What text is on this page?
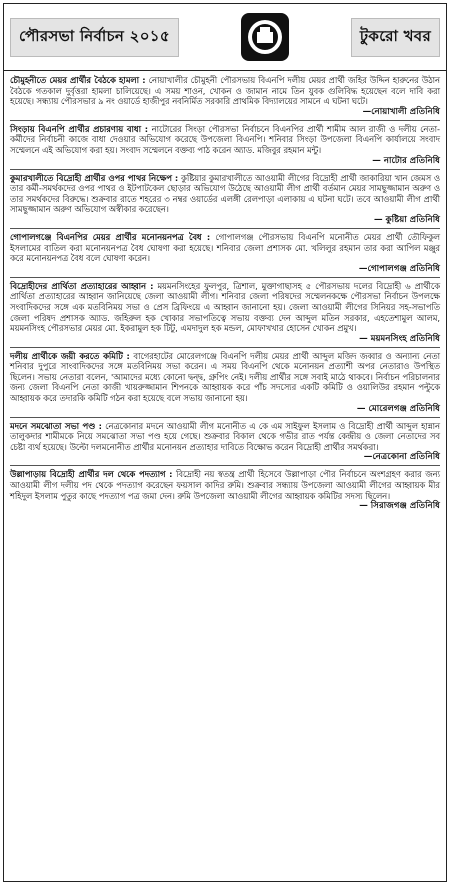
পৌরসভা নির্বাচন ২০১৫	টুকরো খবর

চৌমুহনীতে মেয়র প্রার্থীর বৈঠকে হামলা : নোয়াখালীর চৌমুহনী পৌরসভায় বিএনপি দলীয় মেয়র প্রার্থী জহির উদ্দিন হারুনের উঠান বৈঠকে গতকাল দুর্বৃত্তরা হামলা চালিয়েছে। এ সময় শাওন, খোকন ও জামান নামে তিন যুবক গুলিবিদ্ধ হয়েছেন বলে দাবি করা হয়েছে। সন্ধ্যায় পৌরসভার ৯ নং ওয়ার্ডে হাজীপুর নবনির্মিত সরকারি প্রাথমিক বিদ্যালয়ের সামনে এ ঘটনা ঘটে।

—নোয়াখালী প্রতিনিধি

সিংড়ায় বিএনপি প্রার্থীর প্রচারণায় বাধা : নাটোরের সিংড়া পৌরসভা নির্বাচনে বিএনপির প্রার্থী শামীম আল রাজী ও দলীয় নেতা-কর্মীদের নির্বাচনী কাজে বাধা দেওয়ার অভিযোগ করেছে উপজেলা বিএনপি। শনিবার সিংড়া উপজেলা বিএনপি কার্যালয়ে সংবাদ সম্মেলনে এই অভিযোগ করা হয়। সংবাদ সম্মেলনে বক্তব্য পাঠ করেন অ্যাড. মজিবুর রহমান মন্টু।

— নাটোর প্রতিনিধি

কুমারখালীতে বিদ্রোহী প্রার্থীর ওপর পাথর নিক্ষেপ : কুষ্টিয়ার কুমারখালীতে আওয়ামী লীগের বিদ্রোহী প্রার্থী জাকারিয়া খান জেমস ও তার কর্মী-সমর্থকদের ওপর পাথর ও ইটপাটকেল ছোড়ার অভিযোগ উঠেছে আওয়ামী লীগ প্রার্থী বর্তমান মেয়র সামছুজ্জামান অরুণ ও তার সমর্থকদের বিরুদ্ধে। শুক্রবার রাতে শহরের ৩ নম্বর ওয়ার্ডের এলঙ্গী রেলপাড়া এলাকায় এ ঘটনা ঘটে। তবে আওয়ামী লীগ প্রার্থী সামছুজ্জামান অরুণ অভিযোগ অস্বীকার করেছেন।

— কুষ্টিয়া প্রতিনিধি

গোপালগঞ্জে বিএনপির মেয়র প্রার্থীর মনোনয়নপত্র বৈধ : গোপালগঞ্জ পৌরসভায় বিএনপি মনোনীত মেয়র প্রার্থী তৌফিকুল ইসলামের বাতিল করা মনোনয়নপত্র বৈধ ঘোষণা করা হয়েছে। শনিবার জেলা প্রশাসক মো. খলিলুর রহমান তার করা আপিল মঞ্জুর করে মনোনয়নপত্র বৈধ বলে ঘোষণা করেন।

—গোপালগঞ্জ প্রতিনিধি

বিদ্রোহীদের প্রার্থিতা প্রত্যাহারের আহ্বান : ময়মনসিংহের ফুলপুর, ত্রিশাল, মুক্তাগাছাসহ ৫ পৌরসভায় দলের বিদ্রোহী ৬ প্রার্থীকে প্রার্থিতা প্রত্যাহারের আহ্বান জানিয়েছে জেলা আওয়ামী লীগ। শনিবার জেলা পরিষদের সম্মেলনকক্ষে পৌরসভা নির্বাচন উপলক্ষে সংবাদিকদের সঙ্গে এক মতবিনিময় সভা ও প্রেস ব্রিফিংয়ে এ আহ্বান জানানো হয়। জেলা আওয়ামী লীগের সিনিয়র সহ-সভাপতি জেলা পরিষদ প্রশাসক অ্যাড. জহিরুল হক খোকার সভাপতিত্বে সভায় বক্তব্য দেন আব্দুল মতিন সরকার, এহতেশামুল আলম, ময়মনসিংহ পৌরসভার মেয়র মো. ইকরামুল হক টিটু, এমদাদুল হক মন্ডল, মোফাখখার হোসেন খোকন প্রমুখ।

— ময়মনসিংহ প্রতিনিধি

দলীয় প্রার্থীকে জয়ী করতে কমিটি : বাগেরহাটের মোরেলগঞ্জে বিএনপি দলীয় মেয়র প্রার্থী আব্দুল মজিদ জব্বার ও অন্যান্য নেতা শনিবার দুপুরে সাংবাদিকদের সঙ্গে মতবিনিময় সভা করেন। এ সময় বিএনপি থেকে মনোনয়ন প্রত্যাশী অপর নেতারাও উপস্থিত ছিলেন। সভায় নেতারা বলেন, 'আমাদের মধ্যে কোনো দ্বন্দ্ব, গ্রুপিং নেই। দলীয় প্রার্থীর সঙ্গে সবাই মাঠে থাকবে। নির্বাচন পরিচালনার জন্য জেলা বিএনপি নেতা কাজী খায়রুজ্জামান শিপনকে আহ্বায়ক করে পাঁচ সদস্যের একটি কমিটি ও ওয়ালিউর রহমান পল্টুকে আহ্বায়ক করে তদারকি কমিটি গঠন করা হয়েছে বলে সভায় জানানো হয়।

— মোরেলগঞ্জ প্রতিনিধি

মদনে সমঝোতা সভা পণ্ড : নেত্রকোনার মদনে আওয়ামী লীগ মনোনীত এ কে এম সাইফুল ইসলাম ও বিদ্রোহী প্রার্থী আব্দুল হান্নান তালুকদার শামীমকে নিয়ে সমঝোতা সভা পণ্ড হয়ে গেছে। শুক্রবার বিকাল থেকে গভীর রাত পর্যন্ত কেন্দ্রীয় ও জেলা নেতাদের সব চেষ্টা ব্যর্থ হয়েছে। উল্টো দলমনোনীত প্রার্থীর মনোনয়ন প্রত্যাহার দাবিতে বিক্ষোভ করেন বিদ্রোহী প্রার্থীর সমর্থকরা।

—নেত্রকোনা প্রতিনিধি

উল্লাপাড়ায় বিদ্রোহী প্রার্থীর দল থেকে পদত্যাগ : বিদ্রোহী নয় স্বতন্ত্র প্রার্থী হিসেবে উল্লাপাড়া পৌর নির্বাচনে অংশগ্রহণ করার জন্য আওয়ামী লীগ দলীয় পদ থেকে পদত্যাগ করেছেন ফয়সাল কাদির রুমি। শুক্রবার সন্ধ্যায় উপজেলা আওয়ামী লীগের আহ্বায়ক মীর শহিদুল ইসলাম পুতুর কাছে পদত্যাগ পত্র জমা দেন। রুমি উপজেলা আওয়ামী লীগের আহ্বায়ক কমিটির সদস্য ছিলেন।

— সিরাজগঞ্জ প্রতিনিধি
